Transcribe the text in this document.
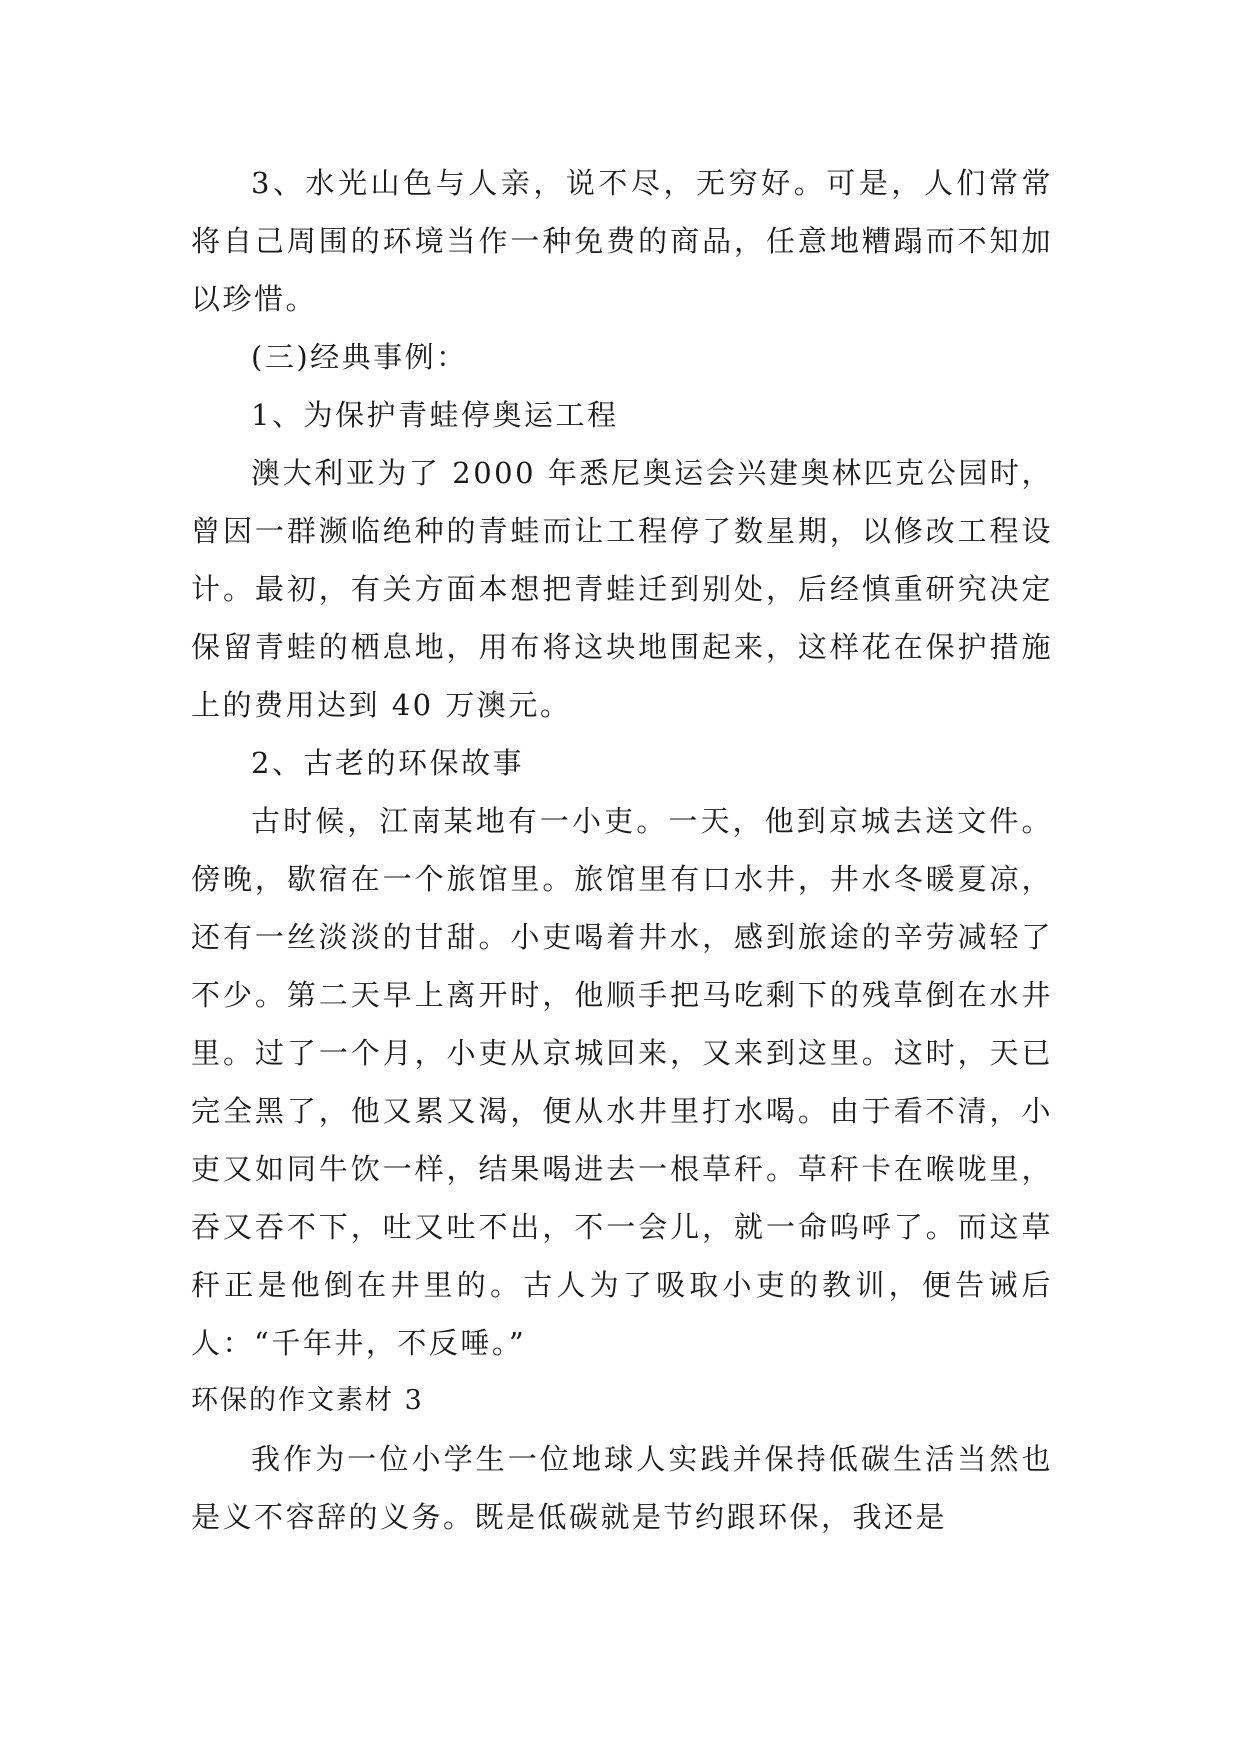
3、水光山色与人亲，说不尽，无穷好。可是，人们常常将自己周围的环境当作一种免费的商品，任意地糟蹋而不知加以珍惜。

(三)经典事例：

1、为保护青蛙停奥运工程

澳大利亚为了 2000 年悉尼奥运会兴建奥林匹克公园时，曾因一群濒临绝种的青蛙而让工程停了数星期，以修改工程设计。最初，有关方面本想把青蛙迁到别处，后经慎重研究决定保留青蛙的栖息地，用布将这块地围起来，这样花在保护措施上的费用达到 40 万澳元。

2、古老的环保故事

古时候，江南某地有一小吏。一天，他到京城去送文件。傍晚，歇宿在一个旅馆里。旅馆里有口水井，井水冬暖夏凉，还有一丝淡淡的甘甜。小吏喝着井水，感到旅途的辛劳减轻了不少。第二天早上离开时，他顺手把马吃剩下的残草倒在水井里。过了一个月，小吏从京城回来，又来到这里。这时，天已完全黑了，他又累又渴，便从水井里打水喝。由于看不清，小吏又如同牛饮一样，结果喝进去一根草秆。草秆卡在喉咙里，吞又吞不下，吐又吐不出，不一会儿，就一命呜呼了。而这草秆正是他倒在井里的。古人为了吸取小吏的教训，便告诫后人：“千年井，不反唾。”

环保的作文素材 3

我作为一位小学生一位地球人实践并保持低碳生活当然也是义不容辞的义务。既是低碳就是节约跟环保，我还是
